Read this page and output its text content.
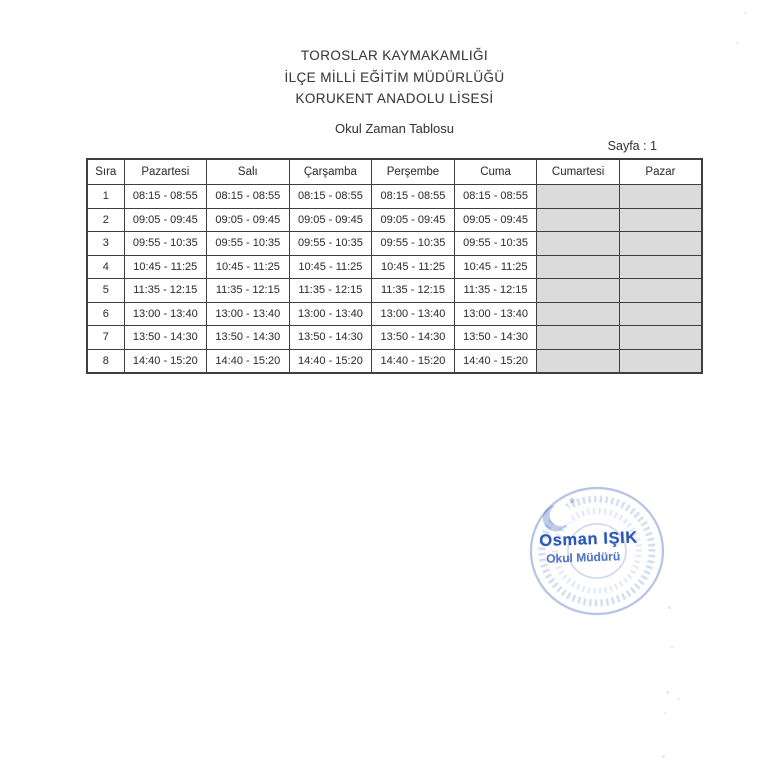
TOROSLAR KAYMAKAMLIĞI
İLÇE MİLLİ EĞİTİM MÜDÜRLÜĞÜ
KORUKENT ANADOLU LİSESİ
Okul Zaman Tablosu
Sayfa : 1
Sıra	Pazartesi	Salı	Çarşamba	Perşembe	Cuma	Cumartesi	Pazar
1	08:15 - 08:55	08:15 - 08:55	08:15 - 08:55	08:15 - 08:55	08:15 - 08:55		
2	09:05 - 09:45	09:05 - 09:45	09:05 - 09:45	09:05 - 09:45	09:05 - 09:45		
3	09:55 - 10:35	09:55 - 10:35	09:55 - 10:35	09:55 - 10:35	09:55 - 10:35		
4	10:45 - 11:25	10:45 - 11:25	10:45 - 11:25	10:45 - 11:25	10:45 - 11:25		
5	11:35 - 12:15	11:35 - 12:15	11:35 - 12:15	11:35 - 12:15	11:35 - 12:15		
6	13:00 - 13:40	13:00 - 13:40	13:00 - 13:40	13:00 - 13:40	13:00 - 13:40		
7	13:50 - 14:30	13:50 - 14:30	13:50 - 14:30	13:50 - 14:30	13:50 - 14:30		
8	14:40 - 15:20	14:40 - 15:20	14:40 - 15:20	14:40 - 15:20	14:40 - 15:20		
*
Osman IŞIK
Okul Müdürü
